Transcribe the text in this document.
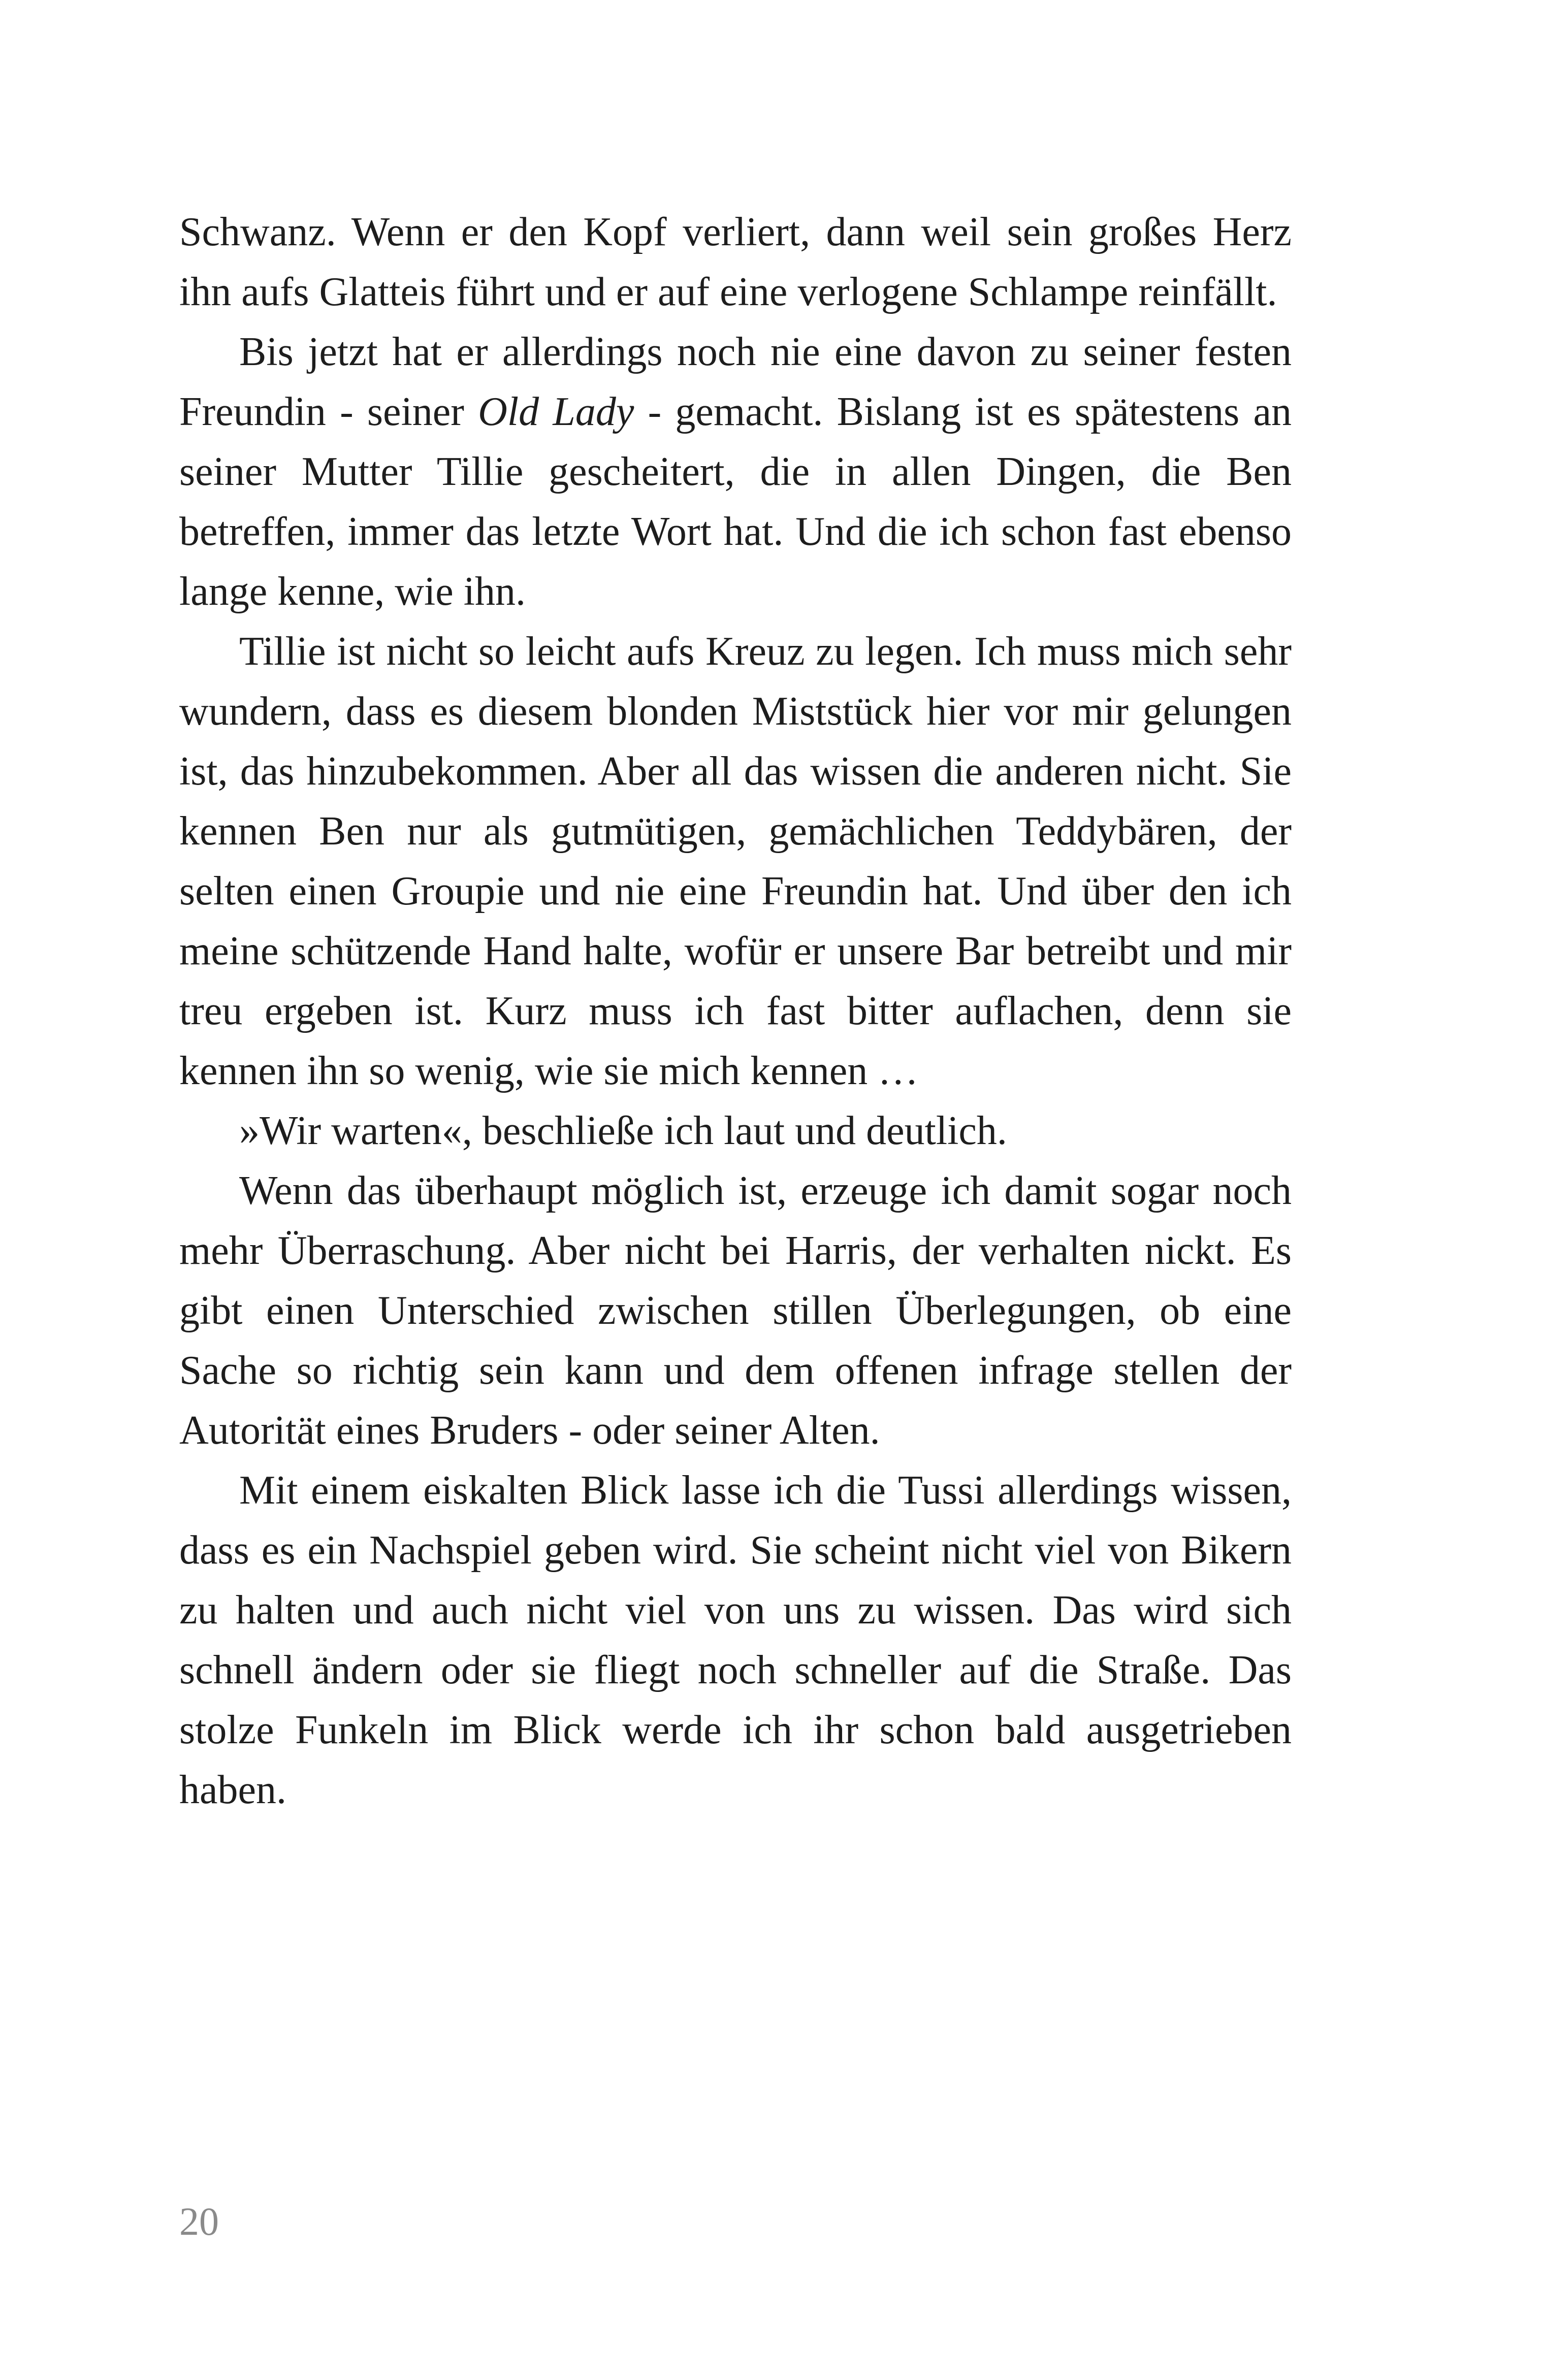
Schwanz. Wenn er den Kopf verliert, dann weil sein großes Herz ihn aufs Glatteis führt und er auf eine verlogene Schlampe reinfällt.

Bis jetzt hat er allerdings noch nie eine davon zu seiner festen Freundin - seiner Old Lady - gemacht. Bislang ist es spätestens an seiner Mutter Tillie gescheitert, die in allen Dingen, die Ben betreffen, immer das letzte Wort hat. Und die ich schon fast ebenso lange kenne, wie ihn.

Tillie ist nicht so leicht aufs Kreuz zu legen. Ich muss mich sehr wundern, dass es diesem blonden Miststück hier vor mir gelungen ist, das hinzubekommen. Aber all das wissen die anderen nicht. Sie kennen Ben nur als gutmütigen, gemächlichen Teddybären, der selten einen Groupie und nie eine Freundin hat. Und über den ich meine schützende Hand halte, wofür er unsere Bar betreibt und mir treu ergeben ist. Kurz muss ich fast bitter auflachen, denn sie kennen ihn so wenig, wie sie mich kennen …

»Wir warten«, beschließe ich laut und deutlich.

Wenn das überhaupt möglich ist, erzeuge ich damit sogar noch mehr Überraschung. Aber nicht bei Harris, der verhalten nickt. Es gibt einen Unterschied zwischen stillen Überlegungen, ob eine Sache so richtig sein kann und dem offenen infrage stellen der Autorität eines Bruders - oder seiner Alten.

Mit einem eiskalten Blick lasse ich die Tussi allerdings wissen, dass es ein Nachspiel geben wird. Sie scheint nicht viel von Bikern zu halten und auch nicht viel von uns zu wissen. Das wird sich schnell ändern oder sie fliegt noch schneller auf die Straße. Das stolze Funkeln im Blick werde ich ihr schon bald ausgetrieben haben.

20
